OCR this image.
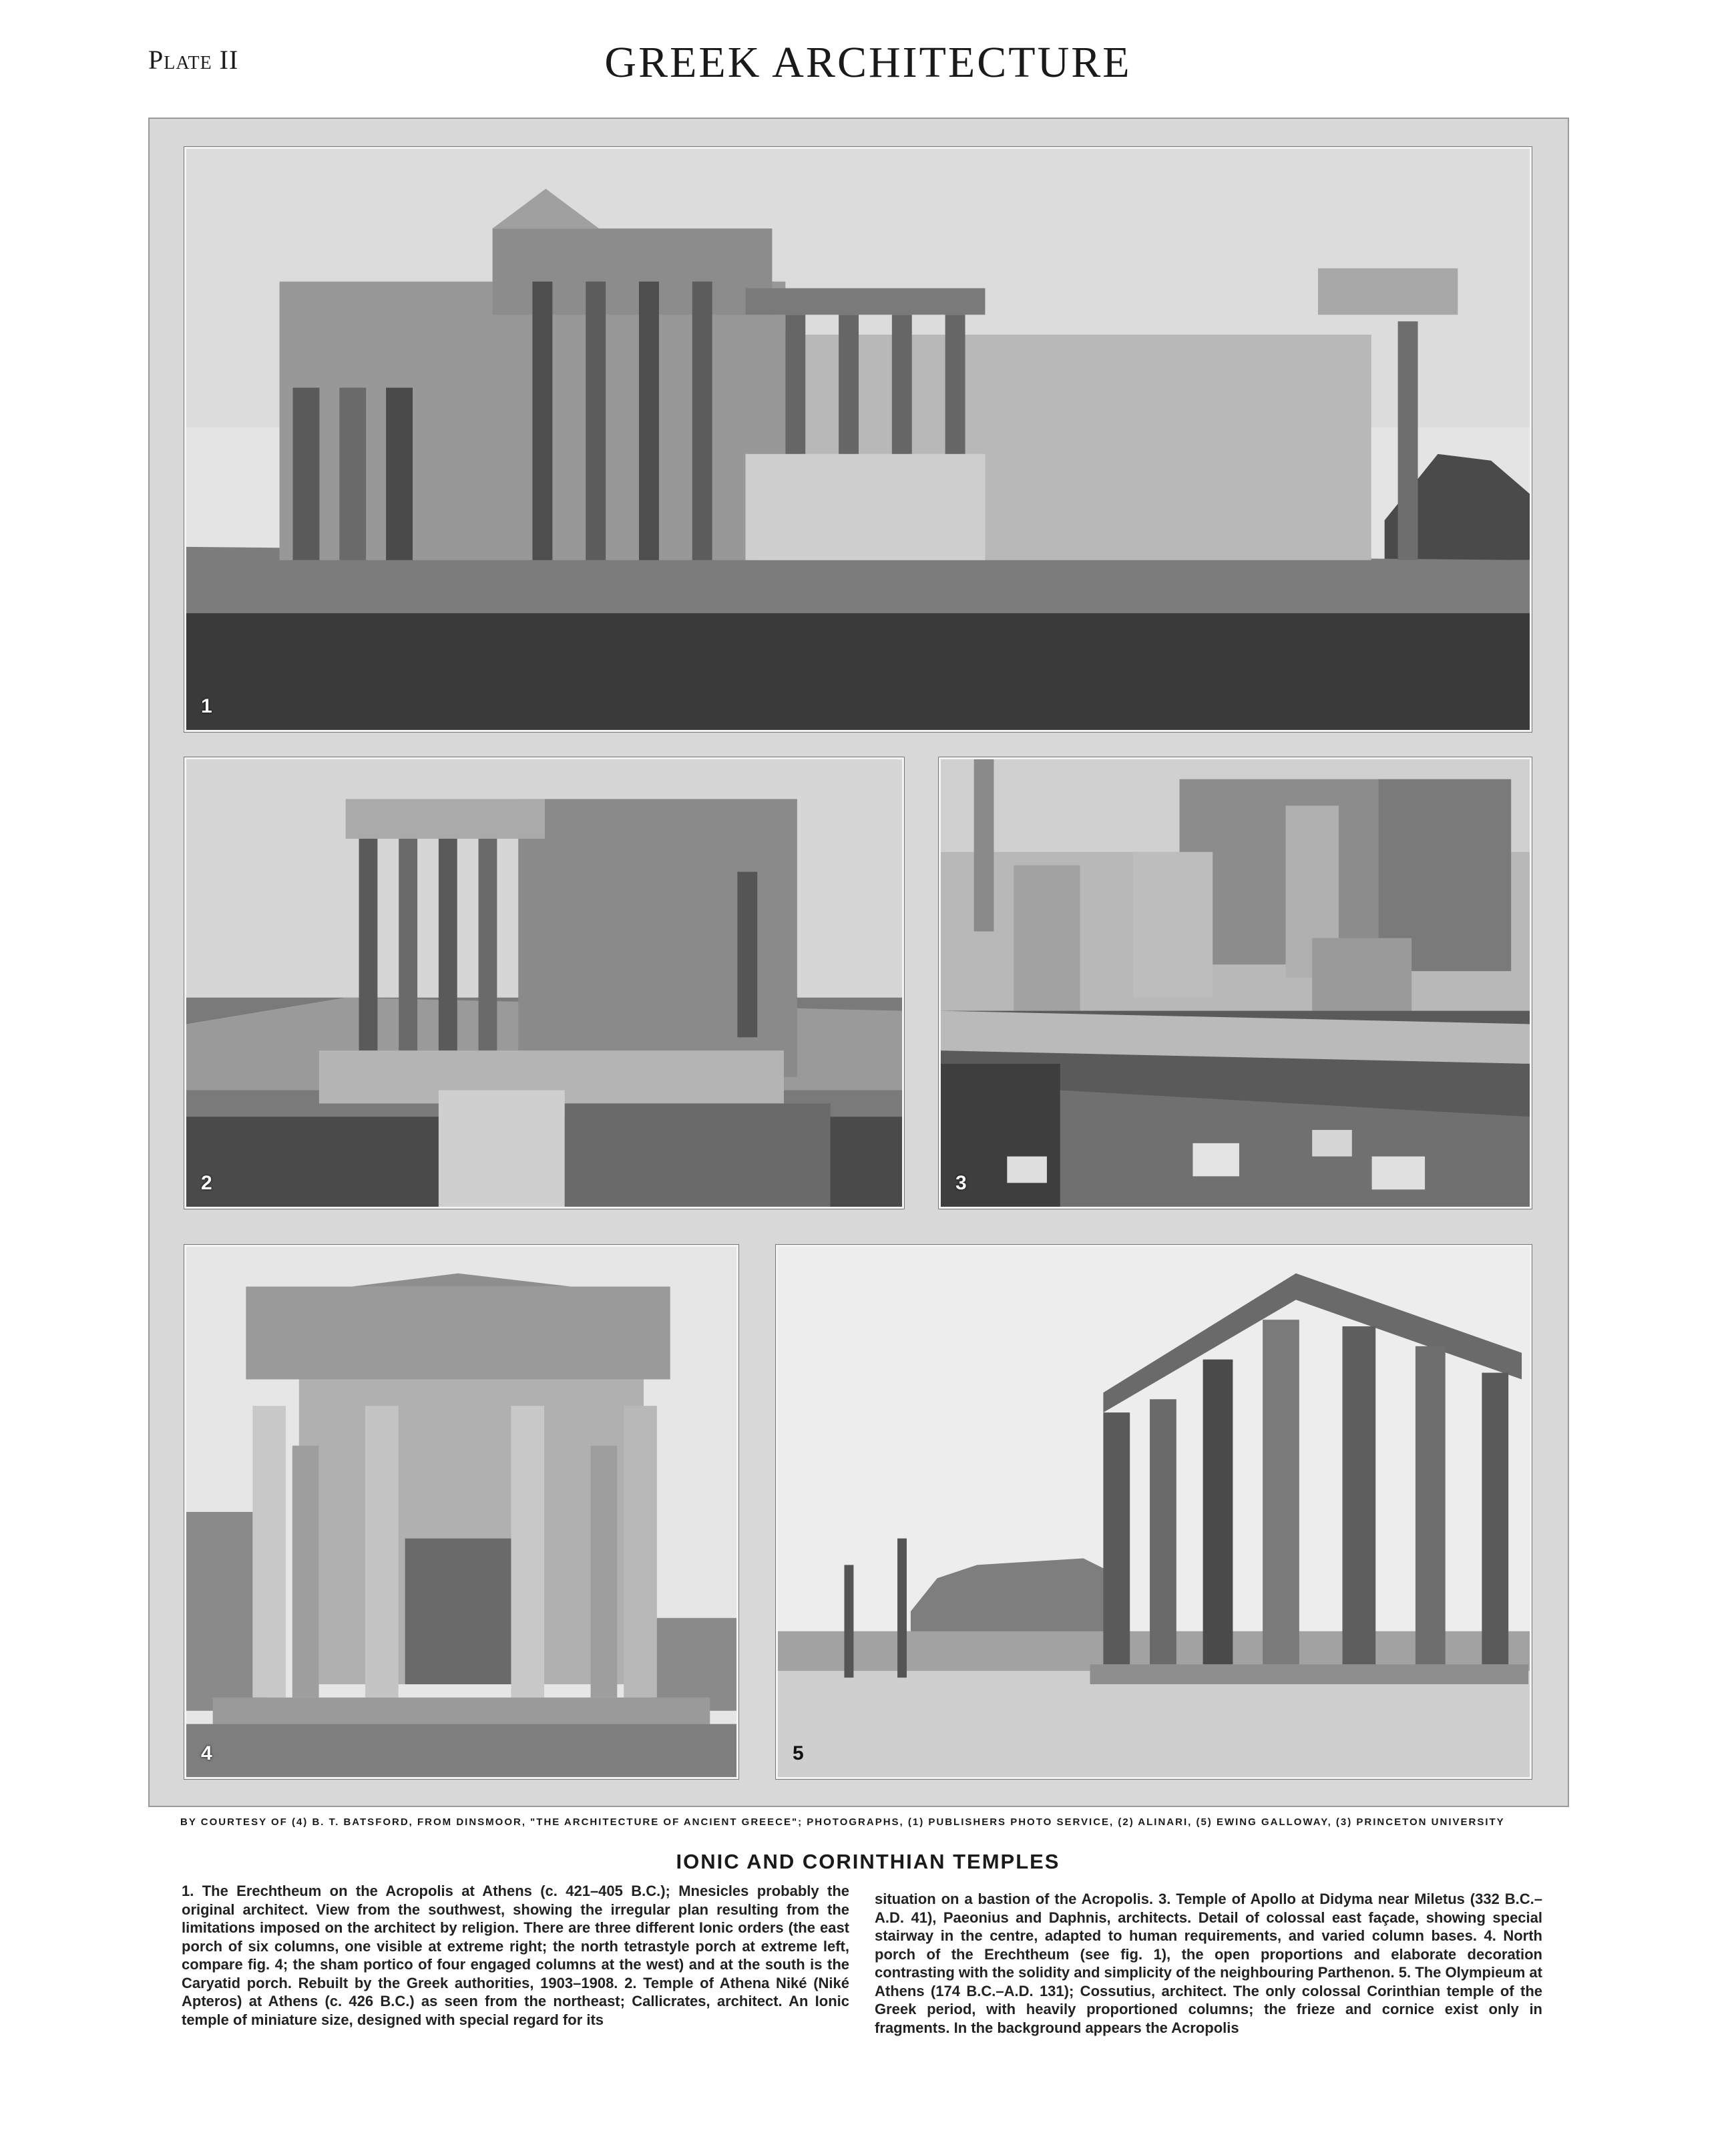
Plate II	GREEK ARCHITECTURE
1
2	3
4	5
BY COURTESY OF (4) B. T. BATSFORD, FROM DINSMOOR, "THE ARCHITECTURE OF ANCIENT GREECE"; PHOTOGRAPHS, (1) PUBLISHERS PHOTO SERVICE, (2) ALINARI, (5) EWING GALLOWAY, (3) PRINCETON UNIVERSITY
IONIC AND CORINTHIAN TEMPLES
1. The Erechtheum on the Acropolis at Athens (c. 421–405 B.C.); Mnesicles probably the original architect. View from the southwest, showing the irregular plan resulting from the limitations imposed on the architect by religion. There are three different Ionic orders (the east porch of six columns, one visible at extreme right; the north tetrastyle porch at extreme left, compare fig. 4; the sham portico of four engaged columns at the west) and at the south is the Caryatid porch. Rebuilt by the Greek authorities, 1903–1908. 2. Temple of Athena Niké (Niké Apteros) at Athens (c. 426 B.C.) as seen from the northeast; Callicrates, architect. An Ionic temple of miniature size, designed with special regard for its
situation on a bastion of the Acropolis. 3. Temple of Apollo at Didyma near Miletus (332 B.C.–A.D. 41), Paeonius and Daphnis, architects. Detail of colossal east façade, showing special stairway in the centre, adapted to human requirements, and varied column bases. 4. North porch of the Erechtheum (see fig. 1), the open proportions and elaborate decoration contrasting with the solidity and simplicity of the neighbouring Parthenon. 5. The Olympieum at Athens (174 B.C.–A.D. 131); Cossutius, architect. The only colossal Corinthian temple of the Greek period, with heavily proportioned columns; the frieze and cornice exist only in fragments. In the background appears the Acropolis
